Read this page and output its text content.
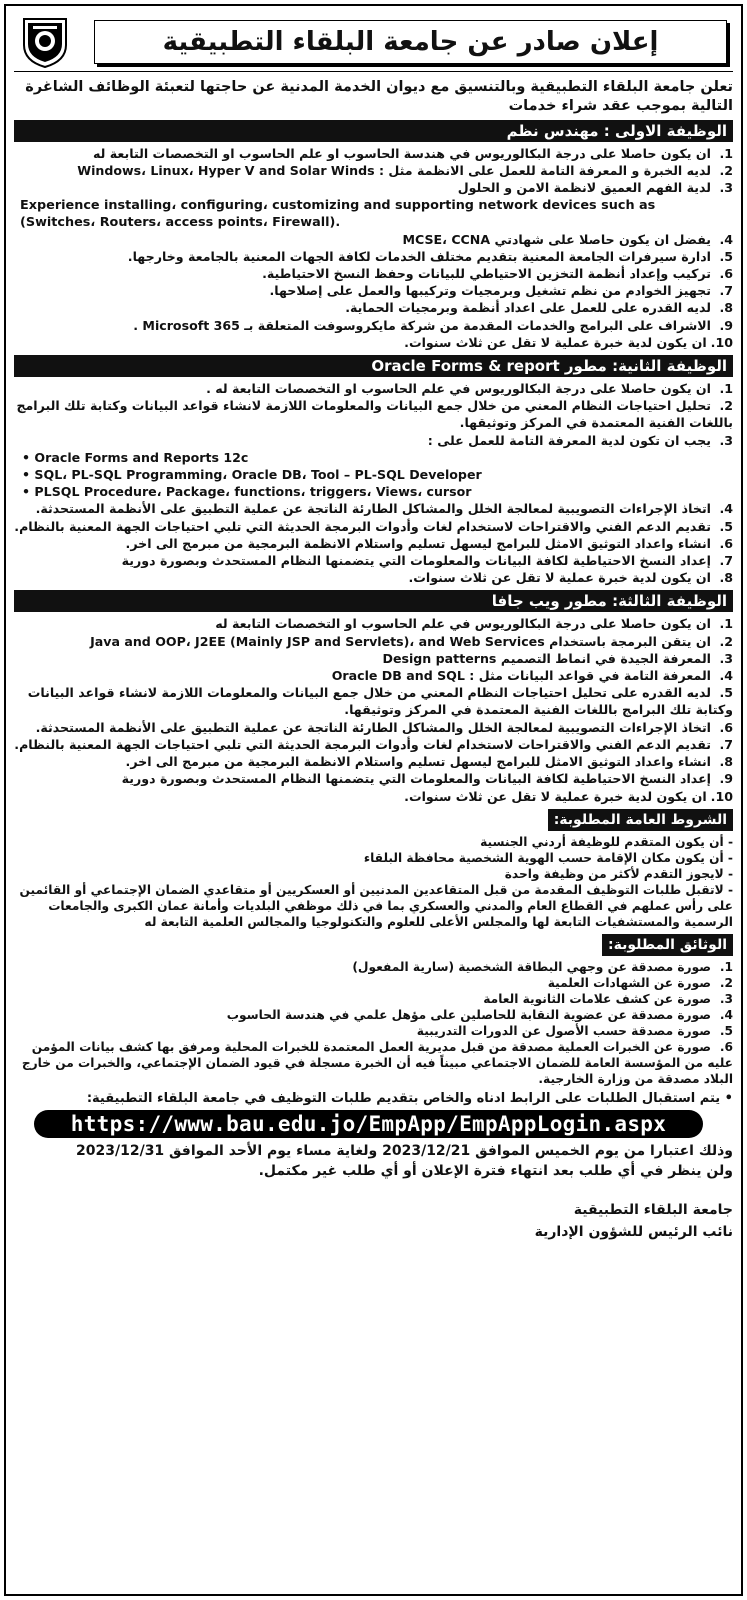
إعلان صادر عن جامعة البلقاء التطبيقية
تعلن جامعة البلقاء التطبيقية وبالتنسيق مع ديوان الخدمة المدنية عن حاجتها لتعبئة الوظائف الشاغرة التالية بموجب عقد شراء خدمات
الوظيفة الاولى : مهندس نظم
1.ان يكون حاصلا على درجة البكالوريوس في هندسة الحاسوب او علم الحاسوب او التخصصات التابعة له
2.لديه الخبرة و المعرفة التامة للعمل على الانظمة مثل : Windows، Linux، Hyper V and Solar Winds
3.لدية الفهم العميق لانظمة الامن و الحلول
Experience installing، configuring، customizing and supporting network devices such as (Switches، Routers، access points، Firewall).
4.يفضل ان يكون حاصلا على شهادتي MCSE، CCNA
5.ادارة سيرفرات الجامعة المعنية بتقديم مختلف الخدمات لكافة الجهات المعنية بالجامعة وخارجها.
6.تركيب وإعداد أنظمة التخزين الاحتياطي للبيانات وحفظ النسخ الاحتياطية.
7.تجهيز الخوادم من نظم تشغيل وبرمجيات وتركيبها والعمل على إصلاحها.
8.لديه القدره على للعمل على اعداد أنظمة وبرمجيات الحماية.
9.الاشراف على البرامج والخدمات المقدمة من شركة مايكروسوفت المتعلقة بـ Microsoft 365 .
10.ان يكون لدية خبرة عملية لا تقل عن ثلاث سنوات.
الوظيفة الثانية: مطور Oracle Forms & report
1.ان يكون حاصلا على درجة البكالوريوس في علم الحاسوب او التخصصات التابعة له .
2.تحليل احتياجات النظام المعني من خلال جمع البيانات والمعلومات اللازمة لانشاء قواعد البيانات وكتابة تلك البرامج باللغات الفنية المعتمدة في المركز وتوثيقها.
3.يجب ان تكون لدية المعرفة التامة للعمل على :
• Oracle Forms and Reports 12c
• SQL، PL-SQL Programming، Oracle DB، Tool – PL-SQL Developer
• PLSQL Procedure، Package، functions، triggers، Views، cursor
4.اتخاذ الإجراءات التصويبية لمعالجة الخلل والمشاكل الطارئة الناتجة عن عملية التطبيق على الأنظمة المستحدثة.
5.تقديم الدعم الفني والاقتراحات لاستخدام لغات وأدوات البرمجة الحديثة التي تلبي احتياجات الجهة المعنية بالنظام.
6.انشاء واعداد التوثيق الامثل للبرامج ليسهل تسليم واستلام الانظمة البرمجية من مبرمج الى اخر.
7.إعداد النسخ الاحتياطية لكافة البيانات والمعلومات التي يتضمنها النظام المستحدث وبصورة دورية
8.ان يكون لدية خبرة عملية لا تقل عن ثلاث سنوات.
الوظيفة الثالثة: مطور ويب جافا
1.ان يكون حاصلا على درجة البكالوريوس في علم الحاسوب او التخصصات التابعة له
2.ان يتقن البرمجة باستخدام Java and OOP، J2EE (Mainly JSP and Servlets)، and Web Services
3.المعرفة الجيدة في انماط التصميم Design patterns
4.المعرفة التامة في قواعد البيانات مثل : Oracle DB and SQL
5.لديه القدره على تحليل احتياجات النظام المعني من خلال جمع البيانات والمعلومات اللازمة لانشاء قواعد البيانات وكتابة تلك البرامج باللغات الفنية المعتمدة في المركز وتوثيقها.
6.اتخاذ الإجراءات التصويبية لمعالجة الخلل والمشاكل الطارئة الناتجة عن عملية التطبيق على الأنظمة المستحدثة.
7.تقديم الدعم الفني والاقتراحات لاستخدام لغات وأدوات البرمجة الحديثة التي تلبي احتياجات الجهة المعنية بالنظام.
8.انشاء واعداد التوثيق الامثل للبرامج ليسهل تسليم واستلام الانظمة البرمجية من مبرمج الى اخر.
9.إعداد النسخ الاحتياطية لكافة البيانات والمعلومات التي يتضمنها النظام المستحدث وبصورة دورية
10.ان يكون لدية خبرة عملية لا تقل عن ثلاث سنوات.
الشروط العامة المطلوبة:
- أن يكون المتقدم للوظيفة أردني الجنسية
- أن يكون مكان الإقامة حسب الهوية الشخصية محافظة البلقاء
- لايجوز التقدم لأكثر من وظيفة واحدة
- لاتقبل طلبات التوظيف المقدمة من قبل المتقاعدين المدنيين أو العسكريين أو متقاعدي الضمان الإجتماعي أو القائمين على رأس عملهم في القطاع العام والمدني والعسكري بما في ذلك موظفي البلديات وأمانة عمان الكبرى والجامعات الرسمية والمستشفيات التابعة لها والمجلس الأعلى للعلوم والتكنولوجيا والمجالس العلمية التابعة له
الوثائق المطلوبة:
1.صورة مصدقة عن وجهي البطاقة الشخصية (سارية المفعول)
2.صورة عن الشهادات العلمية
3.صورة عن كشف علامات الثانوية العامة
4.صورة مصدقة عن عضوية النقابة للحاصلين على مؤهل علمي في هندسة الحاسوب
5.صورة مصدقة حسب الأصول عن الدورات التدريبية
6.صورة عن الخبرات العملية مصدقة من قبل مديرية العمل المعتمدة للخبرات المحلية ومرفق بها كشف بيانات المؤمن عليه من المؤسسة العامة للضمان الاجتماعي مبيناً فيه أن الخبرة مسجلة في قيود الضمان الإجتماعي، والخبرات من خارج البلاد مصدقة من وزارة الخارجية.
• يتم استقبال الطلبات على الرابط ادناه والخاص بتقديم طلبات التوظيف في جامعة البلقاء التطبيقية:
https://www.bau.edu.jo/EmpApp/EmpAppLogin.aspx
وذلك اعتبارا من يوم الخميس الموافق 2023/12/21 ولغاية مساء يوم الأحد الموافق 2023/12/31
ولن ينظر في أي طلب بعد انتهاء فترة الإعلان أو أي طلب غير مكتمل.
جامعة البلقاء التطبيقية
نائب الرئيس للشؤون الإدارية
